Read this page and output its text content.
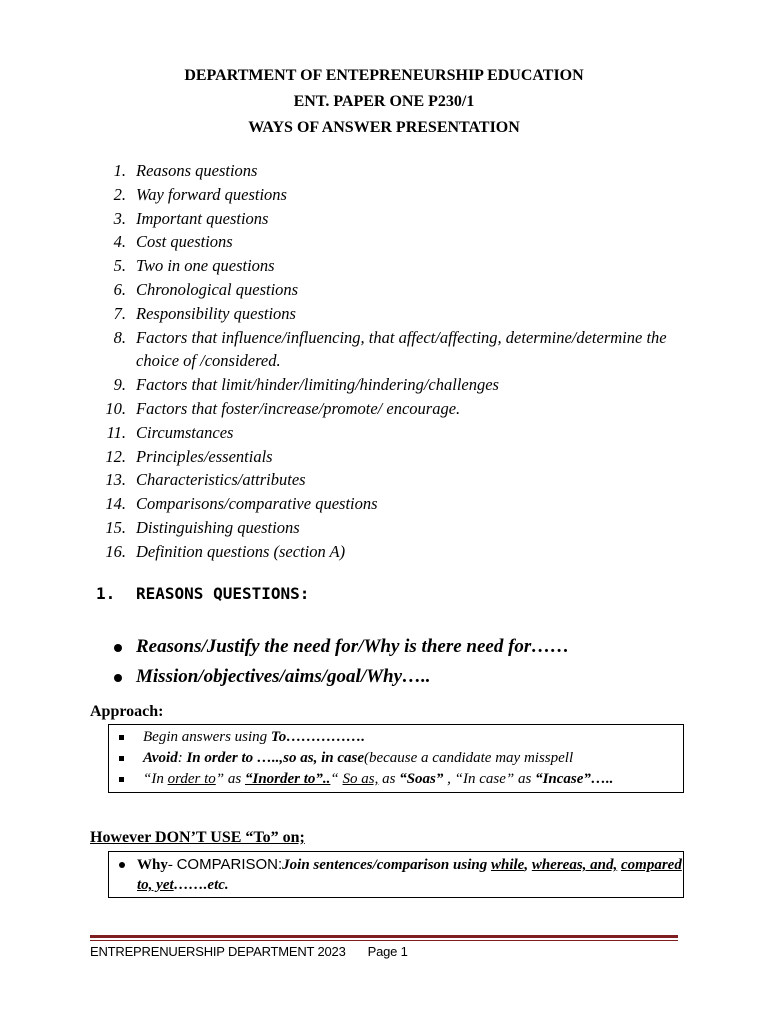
DEPARTMENT OF ENTEPRENEURSHIP EDUCATION
ENT. PAPER ONE P230/1
WAYS OF ANSWER PRESENTATION
1. Reasons questions
2. Way forward questions
3. Important questions
4. Cost questions
5. Two in one questions
6. Chronological questions
7. Responsibility questions
8. Factors that influence/influencing, that affect/affecting, determine/determine the choice of /considered.
9. Factors that limit/hinder/limiting/hindering/challenges
10. Factors that foster/increase/promote/ encourage.
11. Circumstances
12. Principles/essentials
13. Characteristics/attributes
14. Comparisons/comparative questions
15. Distinguishing questions
16. Definition questions (section A)
1. REASONS QUESTIONS:
Reasons/Justify the need for/Why is there need for……
Mission/objectives/aims/goal/Why…..
Approach:
Begin answers using To…………….
Avoid: In order to …..,so as, in case(because a candidate may misspell
“In order to” as “Inorder to”..“ So as, as “Soas” , “In case” as “Incase”…..
However DON’T USE “To” on;
Why- COMPARISON:Join sentences/comparison using while, whereas, and, compared to, yet…….etc.
ENTREPRENUERSHIP DEPARTMENT 2023 Page 1
